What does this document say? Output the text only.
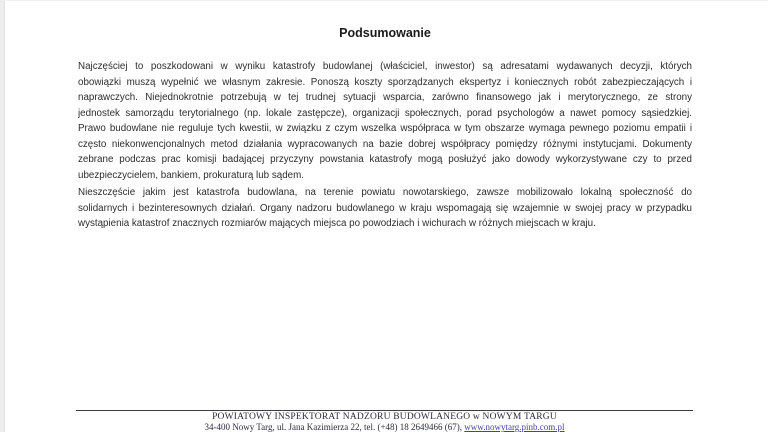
Podsumowanie
Najczęściej to poszkodowani w wyniku katastrofy budowlanej (właściciel, inwestor) są adresatami wydawanych decyzji, których
obowiązki muszą wypełnić we własnym zakresie. Ponoszą koszty sporządzanych ekspertyz i koniecznych robót zabezpieczających i
naprawczych. Niejednokrotnie potrzebują w tej trudnej sytuacji wsparcia, zarówno finansowego jak i merytorycznego, ze strony
jednostek samorządu terytorialnego (np. lokale zastępcze), organizacji społecznych, porad psychologów a nawet pomocy sąsiedzkiej.
Prawo budowlane nie reguluje tych kwestii, w związku z czym wszelka współpraca w tym obszarze wymaga pewnego poziomu empatii i
często niekonwencjonalnych metod działania wypracowanych na bazie dobrej współpracy pomiędzy różnymi instytucjami. Dokumenty
zebrane podczas prac komisji badającej przyczyny powstania katastrofy mogą posłużyć jako dowody wykorzystywane czy to przed
ubezpieczycielem, bankiem, prokuraturą lub sądem.
Nieszczęście jakim jest katastrofa budowlana, na terenie powiatu nowotarskiego, zawsze mobilizowało lokalną społeczność do
solidarnych i bezinteresownych działań. Organy nadzoru budowlanego w kraju wspomagają się wzajemnie w swojej pracy w przypadku
wystąpienia katastrof znacznych rozmiarów mających miejsca po powodziach i wichurach w różnych miejscach w kraju.
POWIATOWY INSPEKTORAT NADZORU BUDOWLANEGO w NOWYM TARGU
34-400 Nowy Targ, ul. Jana Kazimierza 22, tel. (+48) 18 2649466 (67), www.nowytarg.pinb.com.pl
